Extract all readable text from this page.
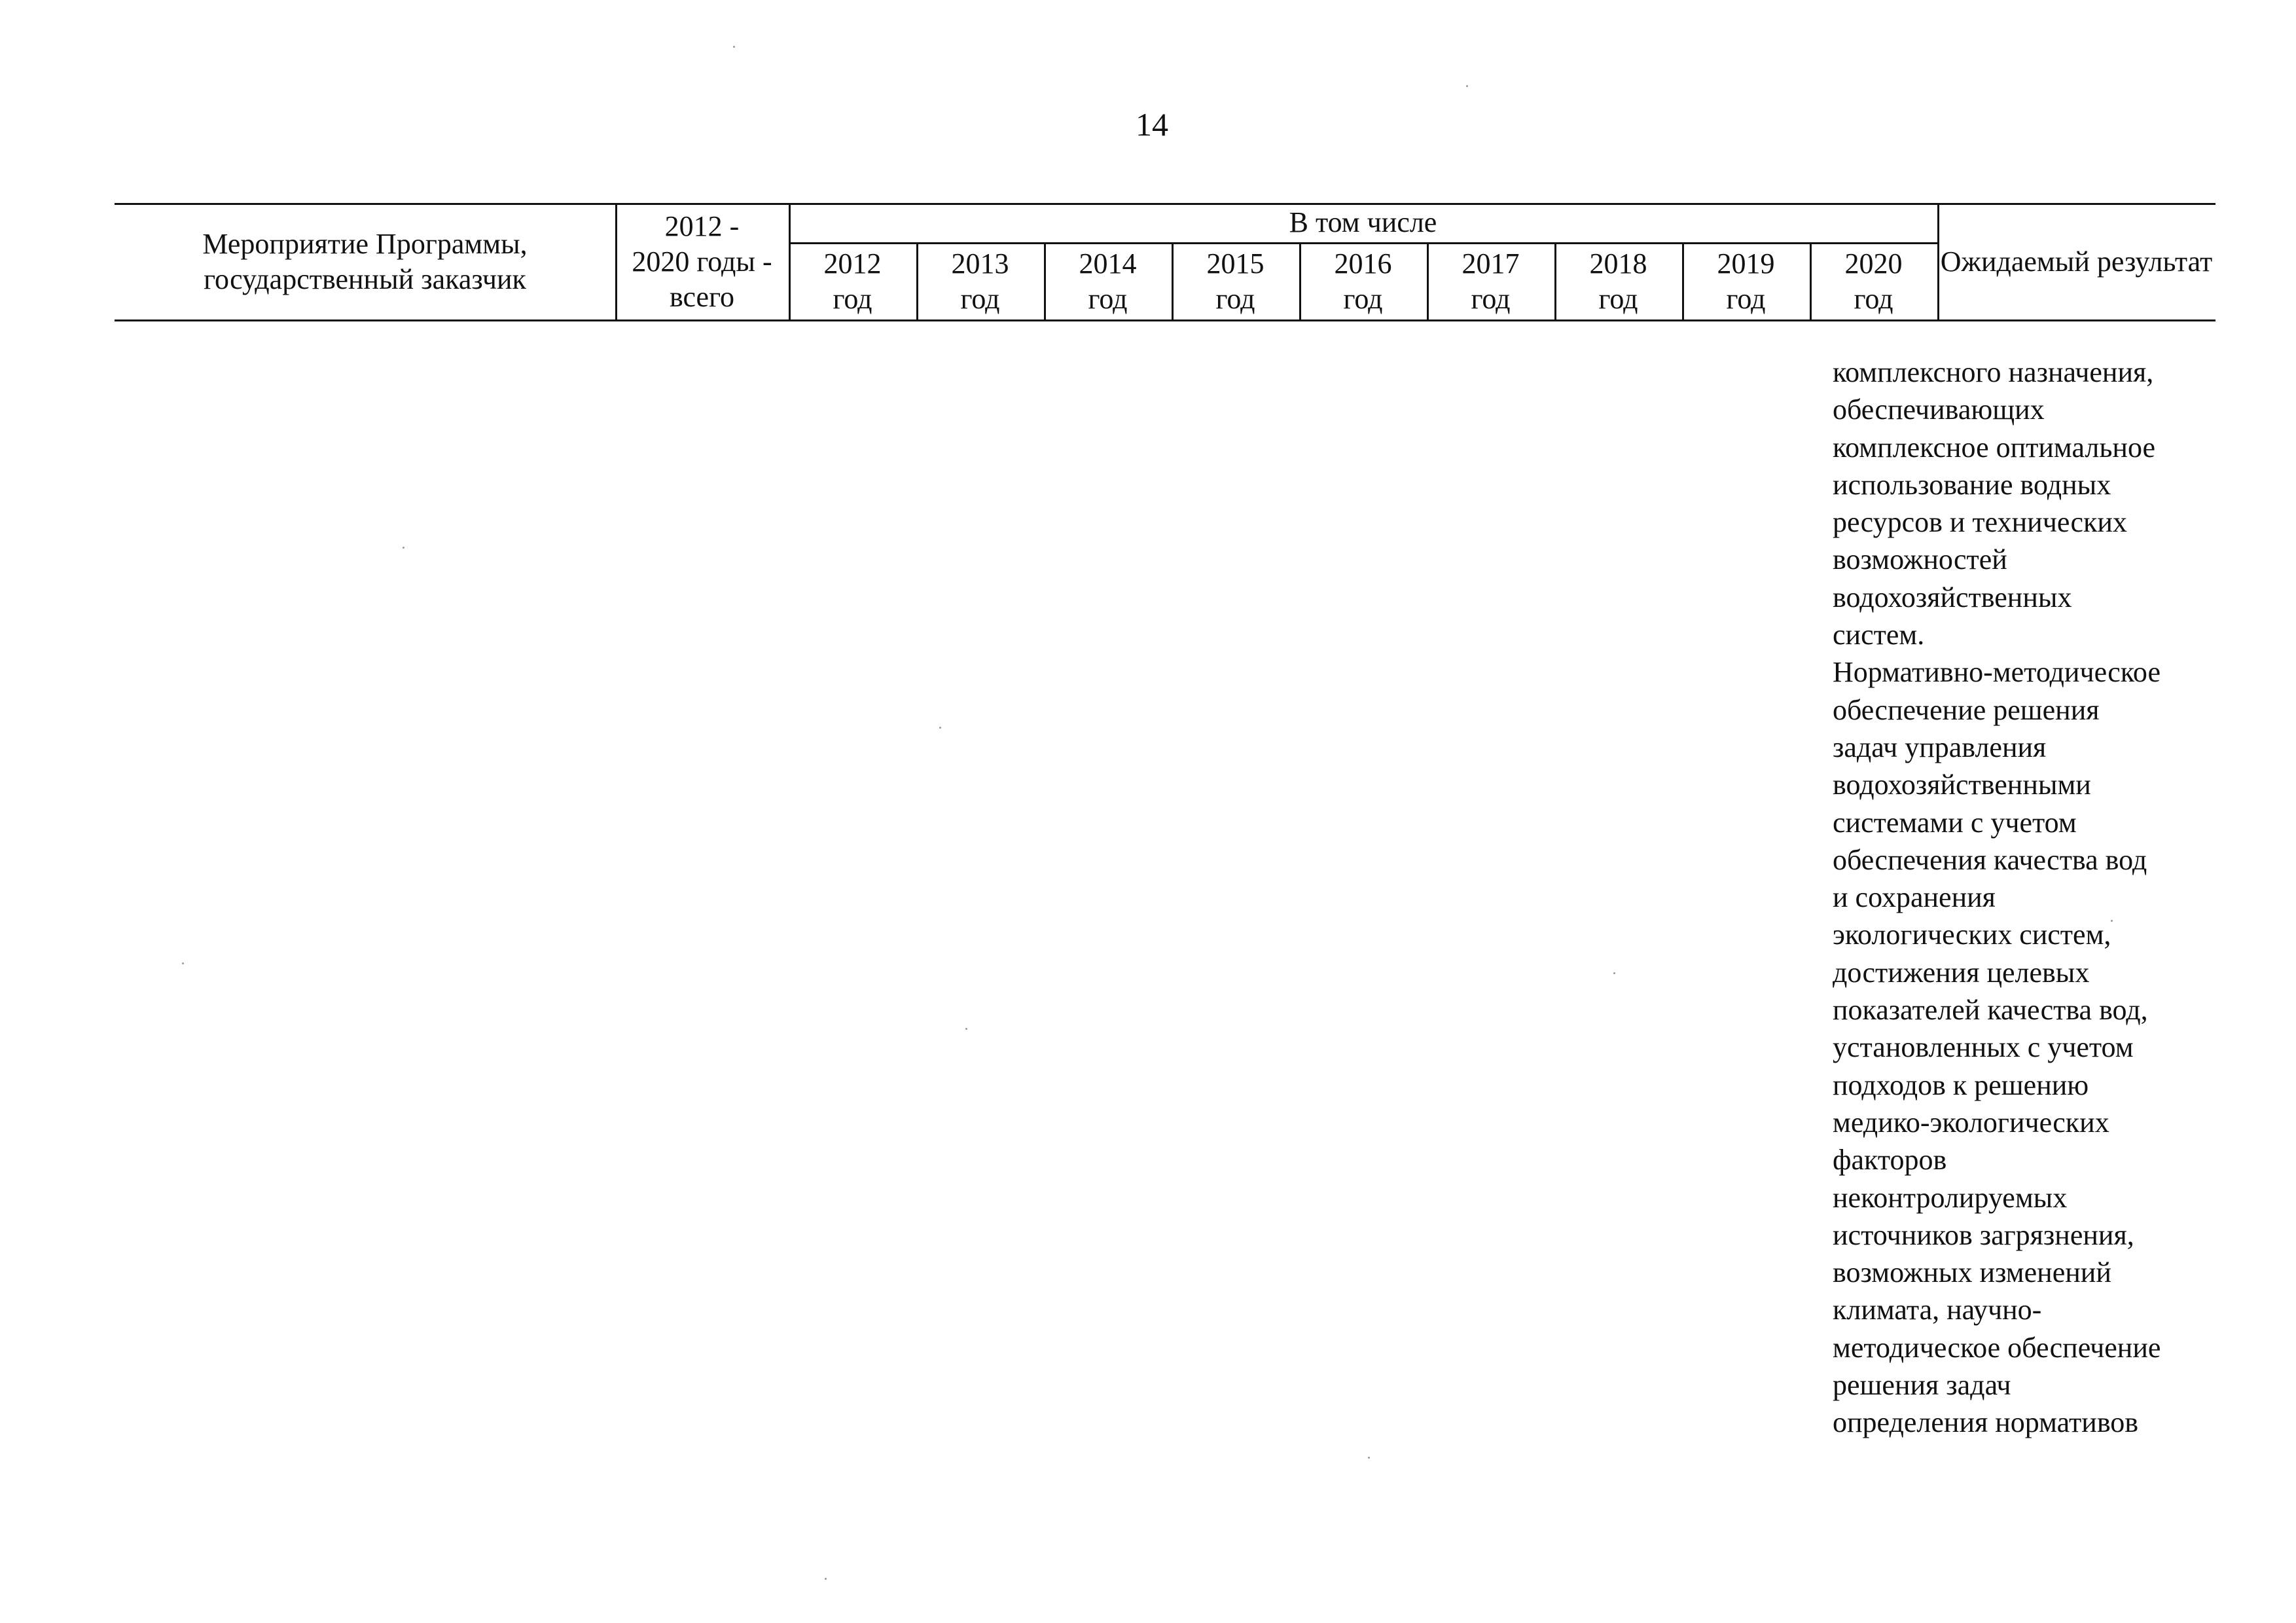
14
Мероприятие Программы,
государственный заказчик
2012 -
2020 годы -
всего
В том числе
2012
год
2013
год
2014
год
2015
год
2016
год
2017
год
2018
год
2019
год
2020
год
Ожидаемый результат
комплексного назначения,
обеспечивающих
комплексное оптимальное
использование водных
ресурсов и технических
возможностей
водохозяйственных
систем.
Нормативно-методическое
обеспечение решения
задач управления
водохозяйственными
системами с учетом
обеспечения качества вод
и сохранения
экологических систем,
достижения целевых
показателей качества вод,
установленных с учетом
подходов к решению
медико-экологических
факторов
неконтролируемых
источников загрязнения,
возможных изменений
климата, научно-
методическое обеспечение
решения задач
определения нормативов
